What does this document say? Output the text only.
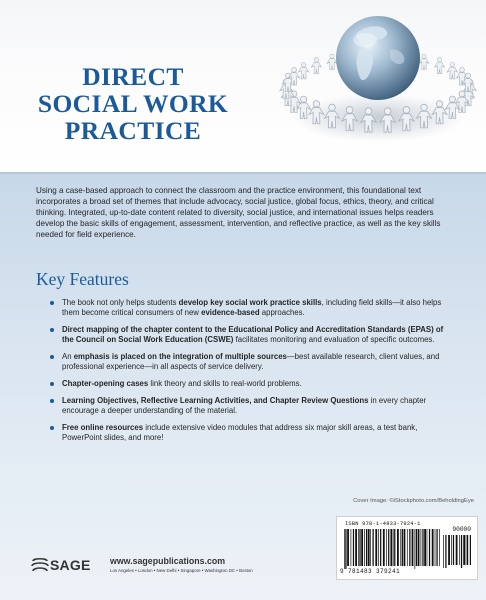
DIRECT
SOCIAL WORK
PRACTICE

Using a case-based approach to connect the classroom and the practice environment, this foundational text incorporates a broad set of themes that include advocacy, social justice, global focus, ethics, theory, and critical thinking. Integrated, up-to-date content related to diversity, social justice, and international issues helps readers develop the basic skills of engagement, assessment, intervention, and reflective practice, as well as the key skills needed for field experience.

Key Features
The book not only helps students develop key social work practice skills, including field skills—it also helps them become critical consumers of new evidence-based approaches.
Direct mapping of the chapter content to the Educational Policy and Accreditation Standards (EPAS) of the Council on Social Work Education (CSWE) facilitates monitoring and evaluation of specific outcomes.
An emphasis is placed on the integration of multiple sources—best available research, client values, and professional experience—in all aspects of service delivery.
Chapter-opening cases link theory and skills to real-world problems.
Learning Objectives, Reflective Learning Activities, and Chapter Review Questions in every chapter encourage a deeper understanding of the material.
Free online resources include extensive video modules that address six major skill areas, a test bank, PowerPoint slides, and more!

Cover Image: ©iStockphoto.com/BeholdingEye

ISBN 978-1-4833-7924-1
90000
9 781483 379241
SAGE www.sagepublications.com
Los Angeles • London • New Delhi • Singapore • Washington DC • Boston
